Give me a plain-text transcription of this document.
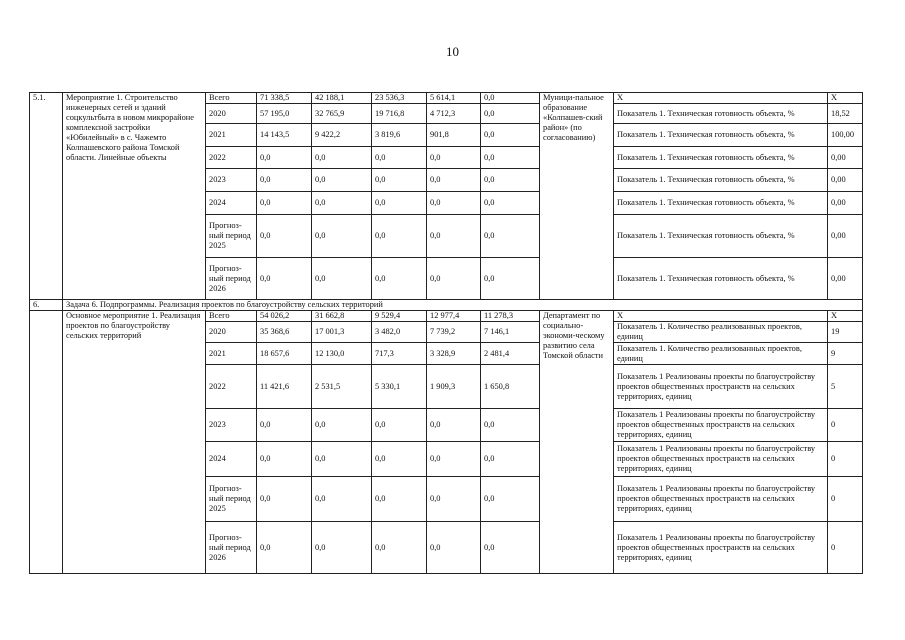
10
5.1.	Мероприятие 1. Строительство инженерных сетей и зданий соцкультбыта в новом микрорайоне комплексной застройки «Юбилейный» в с. Чажемто Колпашевского района Томской области. Линейные объекты	Всего	71 338,5	42 188,1	23 536,3	5 614,1	0,0	Муници-пальное образование «Колпашев-ский район» (по согласованию)	Х	Х
		2020	57 195,0	32 765,9	19 716,8	4 712,3	0,0		Показатель 1. Техническая готовность объекта, %	18,52
		2021	14 143,5	9 422,2	3 819,6	901,8	0,0		Показатель 1. Техническая готовность объекта, %	100,00
		2022	0,0	0,0	0,0	0,0	0,0		Показатель 1. Техническая готовность объекта, %	0,00
		2023	0,0	0,0	0,0	0,0	0,0		Показатель 1. Техническая готовность объекта, %	0,00
		2024	0,0	0,0	0,0	0,0	0,0		Показатель 1. Техническая готовность объекта, %	0,00
		Прогноз-ный период 2025	0,0	0,0	0,0	0,0	0,0		Показатель 1. Техническая готовность объекта, %	0,00
		Прогноз-ный период 2026	0,0	0,0	0,0	0,0	0,0		Показатель 1. Техническая готовность объекта, %	0,00
6.	Задача 6. Подпрограммы. Реализация проектов по благоустройству сельских территорий									
	Основное мероприятие 1. Реализация проектов по благоустройству сельских территорий	Всего	54 026,2	31 662,8	9 529,4	12 977,4	11 278,3	Департамент по социально-экономи-ческому развитию села Томской области	Х	Х
		2020	35 368,6	17 001,3	3 482,0	7 739,2	7 146,1		Показатель 1. Количество реализованных проектов, единиц	19
		2021	18 657,6	12 130,0	717,3	3 328,9	2 481,4		Показатель 1. Количество реализованных проектов, единиц	9
		2022	11 421,6	2 531,5	5 330,1	1 909,3	1 650,8		Показатель 1 Реализованы проекты по благоустройству проектов общественных пространств на сельских территориях, единиц	5
		2023	0,0	0,0	0,0	0,0	0,0		Показатель 1 Реализованы проекты по благоустройству проектов общественных пространств на сельских территориях, единиц	0
		2024	0,0	0,0	0,0	0,0	0,0		Показатель 1 Реализованы проекты по благоустройству проектов общественных пространств на сельских территориях, единиц	0
		Прогноз-ный период 2025	0,0	0,0	0,0	0,0	0,0		Показатель 1 Реализованы проекты по благоустройству проектов общественных пространств на сельских территориях, единиц	0
		Прогноз-ный период 2026	0,0	0,0	0,0	0,0	0,0		Показатель 1 Реализованы проекты по благоустройству проектов общественных пространств на сельских территориях, единиц	0
